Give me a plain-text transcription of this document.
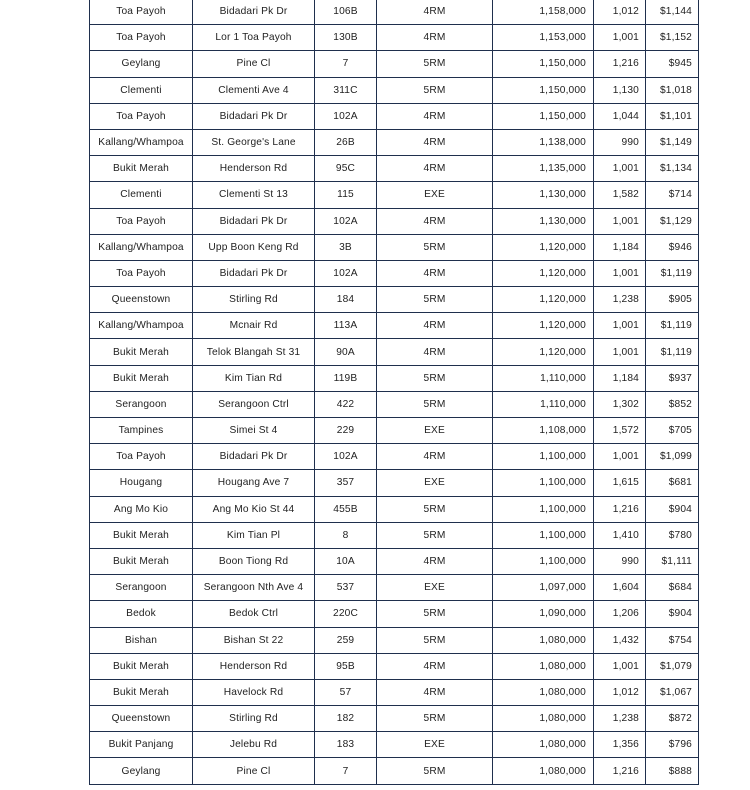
Toa Payoh	Bidadari Pk Dr	106B	4RM	1,158,000	1,012	$1,144
Toa Payoh	Lor 1 Toa Payoh	130B	4RM	1,153,000	1,001	$1,152
Geylang	Pine Cl	7	5RM	1,150,000	1,216	$945
Clementi	Clementi Ave 4	311C	5RM	1,150,000	1,130	$1,018
Toa Payoh	Bidadari Pk Dr	102A	4RM	1,150,000	1,044	$1,101
Kallang/Whampoa	St. George's Lane	26B	4RM	1,138,000	990	$1,149
Bukit Merah	Henderson Rd	95C	4RM	1,135,000	1,001	$1,134
Clementi	Clementi St 13	115	EXE	1,130,000	1,582	$714
Toa Payoh	Bidadari Pk Dr	102A	4RM	1,130,000	1,001	$1,129
Kallang/Whampoa	Upp Boon Keng Rd	3B	5RM	1,120,000	1,184	$946
Toa Payoh	Bidadari Pk Dr	102A	4RM	1,120,000	1,001	$1,119
Queenstown	Stirling Rd	184	5RM	1,120,000	1,238	$905
Kallang/Whampoa	Mcnair Rd	113A	4RM	1,120,000	1,001	$1,119
Bukit Merah	Telok Blangah St 31	90A	4RM	1,120,000	1,001	$1,119
Bukit Merah	Kim Tian Rd	119B	5RM	1,110,000	1,184	$937
Serangoon	Serangoon Ctrl	422	5RM	1,110,000	1,302	$852
Tampines	Simei St 4	229	EXE	1,108,000	1,572	$705
Toa Payoh	Bidadari Pk Dr	102A	4RM	1,100,000	1,001	$1,099
Hougang	Hougang Ave 7	357	EXE	1,100,000	1,615	$681
Ang Mo Kio	Ang Mo Kio St 44	455B	5RM	1,100,000	1,216	$904
Bukit Merah	Kim Tian Pl	8	5RM	1,100,000	1,410	$780
Bukit Merah	Boon Tiong Rd	10A	4RM	1,100,000	990	$1,111
Serangoon	Serangoon Nth Ave 4	537	EXE	1,097,000	1,604	$684
Bedok	Bedok Ctrl	220C	5RM	1,090,000	1,206	$904
Bishan	Bishan St 22	259	5RM	1,080,000	1,432	$754
Bukit Merah	Henderson Rd	95B	4RM	1,080,000	1,001	$1,079
Bukit Merah	Havelock Rd	57	4RM	1,080,000	1,012	$1,067
Queenstown	Stirling Rd	182	5RM	1,080,000	1,238	$872
Bukit Panjang	Jelebu Rd	183	EXE	1,080,000	1,356	$796
Geylang	Pine Cl	7	5RM	1,080,000	1,216	$888
